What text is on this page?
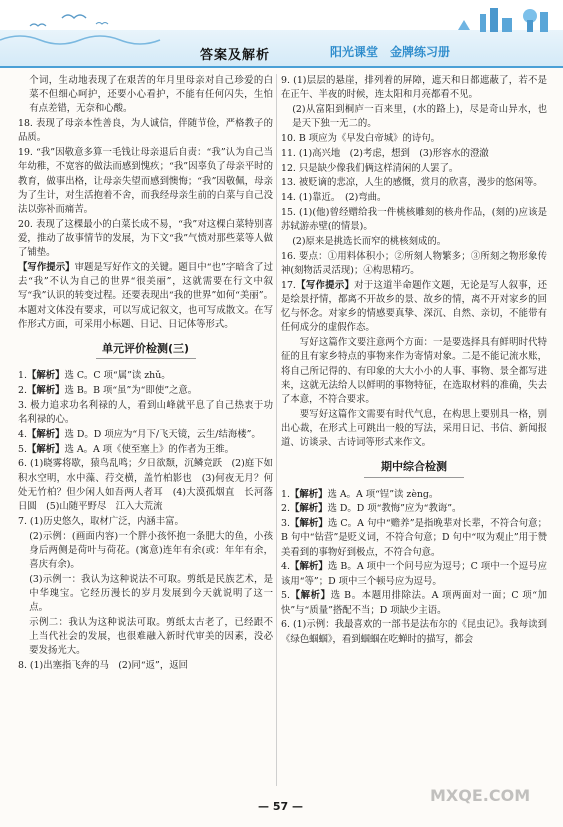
答案及解析	阳光课堂　金牌练习册

个词，生动地表现了在艰苦的年月里母亲对自己珍爱的白菜不但细心呵护，还要小心看护，不能有任何闪失，生怕有点差错，无奈和心酸。

18. 表现了母亲本性善良，为人诚信，伴随节俭，严格教子的品质。

19. “我”因敬意多算一毛钱让母亲退后自责：“我”认为自己当年幼稚，不宽容的做法而感到愧疚；“我”因辜负了母亲平时的教育，做事出格，让母亲失望而感到懊悔；“我”因敬佩，母亲为了生计，对生活抱着不舍，而我经母亲生前的白菜与自己没法以弥补而痛苦。

20. 表现了这棵最小的白菜长成不易，“我”对这棵白菜特别喜爱，推动了故事情节的发展，为下文“我”气愤对那些菜等人做了铺垫。

【写作提示】审题是写好作文的关键。题目中“也”字暗含了过去“我”不认为自己的世界“很美丽”，这就需要在行文中叙写“我”认识的转变过程。还要表现出“我的世界”如何“美丽”。本题对文体没有要求，可以写成记叙文，也可写成散文。在写作形式方面，可采用小标题、日记、日记体等形式。

单元评价检测(三)

1.【解析】选 C。C 项“属”读 zhǔ。

2.【解析】选 B。B 项“虽”为“即使”之意。

3. 极力追求功名利禄的人，看到山峰就平息了自己热衷于功名利禄的心。

4.【解析】选 D。D 项应为“月下/飞天镜，云生/结海楼”。

5.【解析】选 A。A 项《使至塞上》的作者为王维。

6. (1)晓雾将歇，猿鸟乱鸣；夕日欲颓，沉鳞竞跃　(2)庭下如积水空明，水中藻、荇交横，盖竹柏影也　(3)何夜无月？何处无竹柏？但少闲人如吾两人者耳　(4)大漠孤烟直　长河落日圆　(5)山随平野尽　江入大荒流

7. (1)历史悠久，取材广泛，内涵丰富。

(2)示例：(画面内容)一个胖小孩怀抱一条肥大的鱼，小孩身后两侧是荷叶与荷花。(寓意)连年有余(或：年年有余，喜庆有余)。

(3)示例一：我认为这种说法不可取。剪纸是民族艺术，是中华瑰宝。它经历漫长的岁月发展到今天就说明了这一点。

示例二：我认为这种说法可取。剪纸太古老了，已经跟不上当代社会的发展，也很难融入新时代审美的因素，没必要发扬光大。

8. (1)出塞指飞奔的马　(2)同“返”，返回

9. (1)层层的悬崖，排列着的屏障，遮天和日都遮蔽了，若不是在正午、半夜的时候，连太阳和月亮都看不见。

(2)从富阳到桐庐一百来里，(水的路上)，尽是奇山异水，也是天下独一无二的。

10. B 项应为《早发白帝城》的诗句。

11. (1)高兴地　(2)考虑，想到　(3)形容水的澄澈

12. 只是缺少像我们俩这样清闲的人罢了。

13. 被贬谪的悲凉，人生的感慨，赏月的欣喜，漫步的悠闲等。

14. (1)靠近。　(2)弯曲。

15. (1)(他)曾经赠给我一件桃核雕刻的核舟作品，(刻的)应该是苏轼游赤壁(的情景)。

(2)原来是挑选长而窄的桃核刻成的。

16. 要点：①用料体积小；②所刻人物繁多；③所刻之物形象传神(刻物活灵活现)；④构思精巧。

17.【写作提示】对于这道半命题作文题，无论是写人叙事，还是绘景抒情，都离不开故乡的景、故乡的情，离不开对家乡的回忆与怀念。对家乡的情感要真挚、深沉、自然、亲切，不能带有任何成分的虚假作态。

写好这篇作文要注意两个方面：一是要选择具有鲜明时代特征的且有家乡特点的事物来作为寄情对象。二是不能记流水账，将自己所记得的、有印象的大大小小的人事、事物、景全都写进来，这就无法给人以鲜明的事物特征，在选取材料的准确，失去了本意，不符合要求。

要写好这篇作文需要有时代气息，在构思上要别具一格，别出心裁，在形式上可跳出一般的写法，采用日记、书信、新闻报道、访谈录、古诗词等形式来作文。

期中综合检测

1.【解析】选 A。A 项“锃”读 zèng。

2.【解析】选 D。D 项“教悔”应为“教诲”。

3.【解析】选 C。A 句中“赡养”是指晚辈对长辈，不符合句意；B 句中“钻营”是贬义词，不符合句意；D 句中“叹为观止”用于赞美看到的事物好到极点，不符合句意。

4.【解析】选 B。A 项中一个问号应为逗号；C 项中一个逗号应该用“等”；D 项中三个顿号应为逗号。

5.【解析】选 B。本题用排除法。A 项两面对一面；C 项“加快”与“质量”搭配不当；D 项缺少主语。

6. (1)示例：我最喜欢的一部书是法布尔的《昆虫记》。我每读到《绿色蝈蝈》，看到蝈蝈在吃蝉时的描写，都会

— 57 —
MXQE.COM
